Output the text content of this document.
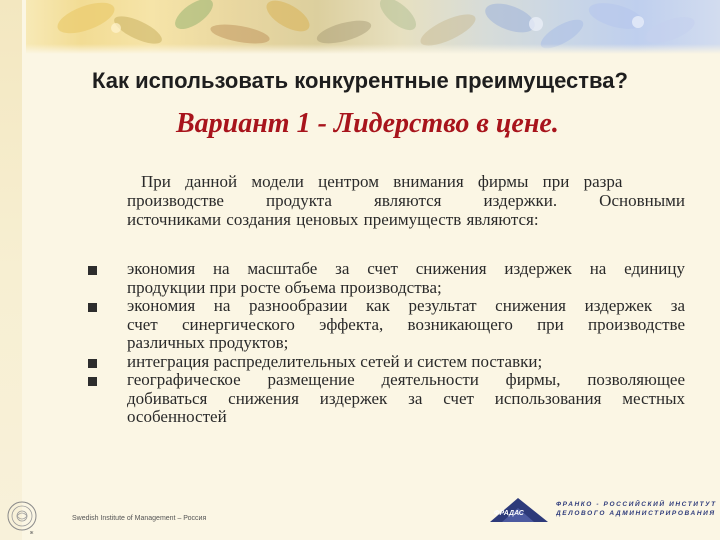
Как использовать конкурентные преимущества?
Вариант 1 - Лидерство в цене.

При данной модели центром внимания фирмы при разра
производстве продукта являются издержки. Основными
источниками создания ценовых преимуществ являются:

экономия на масштабе за счет снижения издержек на единицу
продукции при росте объема производства;
экономия на разнообразии как результат снижения издержек за
счет синергического эффекта, возникающего при производстве
различных продуктов;
интеграция распределительных сетей и систем поставки;
географическое размещение деятельности фирмы, позволяющее
добиваться снижения издержек за счет использования местных
особенностей
ж
Swedish Institute of Management – Россия
ФРАДАС
ФРАНКО - РОССИЙСКИЙ ИНСТИТУТ
ДЕЛОВОГО АДМИНИСТРИРОВАНИЯ
